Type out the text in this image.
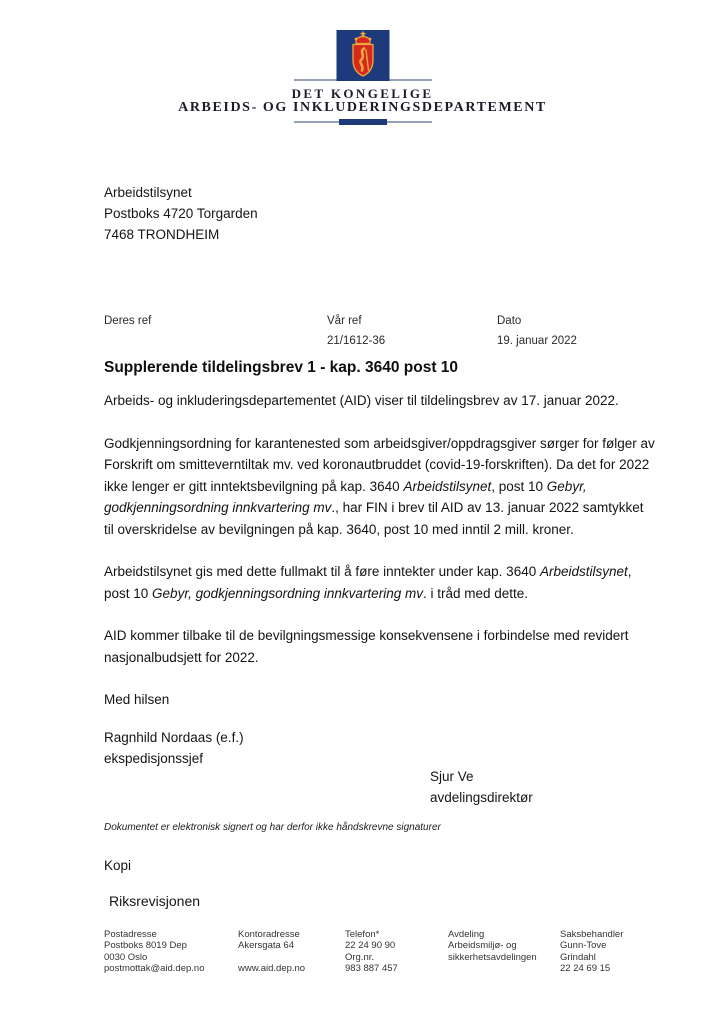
DET KONGELIGE
ARBEIDS- OG INKLUDERINGSDEPARTEMENT
Arbeidstilsynet
Postboks 4720 Torgarden
7468 TRONDHEIM
Deres ref	Vår ref
21/1612-36
Dato
19. januar 2022
Supplerende tildelingsbrev 1 - kap. 3640 post 10

Arbeids- og inkluderingsdepartementet (AID) viser til tildelingsbrev av 17. januar 2022.

Godkjenningsordning for karantenested som arbeidsgiver/oppdragsgiver sørger for følger av Forskrift om smitteverntiltak mv. ved koronautbruddet (covid-19-forskriften). Da det for 2022 ikke lenger er gitt inntektsbevilgning på kap. 3640 Arbeidstilsynet, post 10 Gebyr, godkjenningsordning innkvartering mv., har FIN i brev til AID av 13. januar 2022 samtykket til overskridelse av bevilgningen på kap. 3640, post 10 med inntil 2 mill. kroner.

Arbeidstilsynet gis med dette fullmakt til å føre inntekter under kap. 3640 Arbeidstilsynet, post 10 Gebyr, godkjenningsordning innkvartering mv. i tråd med dette.

AID kommer tilbake til de bevilgningsmessige konsekvensene i forbindelse med revidert nasjonalbudsjett for 2022.

Med hilsen

Ragnhild Nordaas (e.f.)
ekspedisjonssjef
Sjur Ve
avdelingsdirektør
Dokumentet er elektronisk signert og har derfor ikke håndskrevne signaturer
Kopi
Riksrevisjonen
Postadresse
Postboks 8019 Dep
0030 Oslo
postmottak@aid.dep.no
Kontoradresse
Akersgata 64
www.aid.dep.no
Telefon*
22 24 90 90
Org.nr.
983 887 457
Avdeling
Arbeidsmiljø- og
sikkerhetsavdelingen
Saksbehandler
Gunn-Tove
Grindahl
22 24 69 15
